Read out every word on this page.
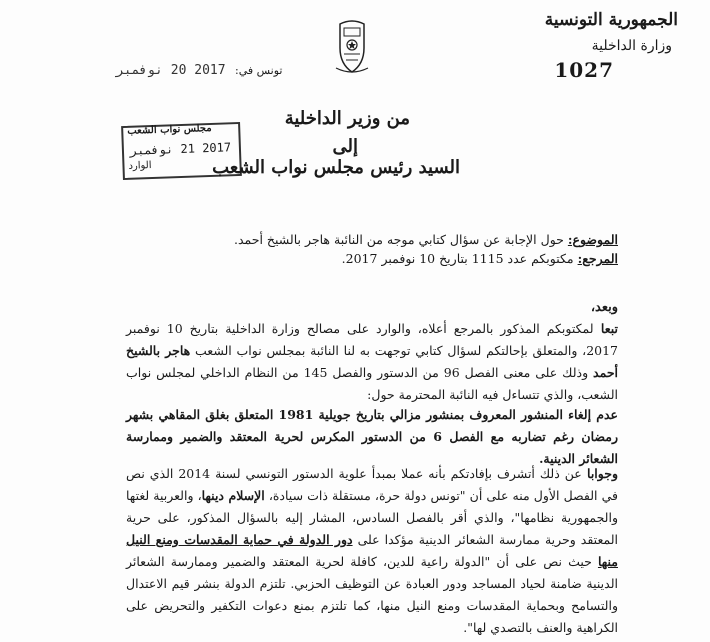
الجمهورية التونسية
وزارة الداخلية
1027
تونس في:
2017 20 نوفمبر
مجلس نواب الشعب
2017 21 نوفمبر
الوارد
من وزير الداخلية
إلى
السيد رئيس مجلس نواب الشعب
الموضوع: حول الإجابة عن سؤال كتابي موجه من النائبة هاجر بالشيخ أحمد.
المرجع: مكتوبكم عدد 1115 بتاريخ 10 نوفمبر 2017.
وبعد،
تبعا لمكتوبكم المذكور بالمرجع أعلاه، والوارد على مصالح وزارة الداخلية بتاريخ 10 نوفمبر 2017، والمتعلق بإحالتكم لسؤال كتابي توجهت به لنا النائبة بمجلس نواب الشعب هاجر بالشيخ أحمد وذلك على معنى الفصل 96 من الدستور والفصل 145 من النظام الداخلي لمجلس نواب الشعب، والذي تتساءل فيه النائبة المحترمة حول:
عدم إلغاء المنشور المعروف بمنشور مزالي بتاريخ جويلية 1981 المتعلق بغلق المقاهي بشهر رمضان رغم تضاربه مع الفصل 6 من الدستور المكرس لحرية المعتقد والضمير وممارسة الشعائر الدينية.
وجوابا عن ذلك أتشرف بإفادتكم بأنه عملا بمبدأ علوية الدستور التونسي لسنة 2014 الذي نص في الفصل الأول منه على أن "تونس دولة حرة، مستقلة ذات سيادة، الإسلام دينها، والعربية لغتها والجمهورية نظامها"، والذي أقر بالفصل السادس، المشار إليه بالسؤال المذكور، على حرية المعتقد وحرية ممارسة الشعائر الدينية مؤكدا على دور الدولة في حماية المقدسات ومنع النيل منها حيث نص على أن "الدولة راعية للدين، كافلة لحرية المعتقد والضمير وممارسة الشعائر الدينية ضامنة لحياد المساجد ودور العبادة عن التوظيف الحزبي. تلتزم الدولة بنشر قيم الاعتدال والتسامح وبحماية المقدسات ومنع النيل منها، كما تلتزم بمنع دعوات التكفير والتحريض على الكراهية والعنف بالتصدي لها".
